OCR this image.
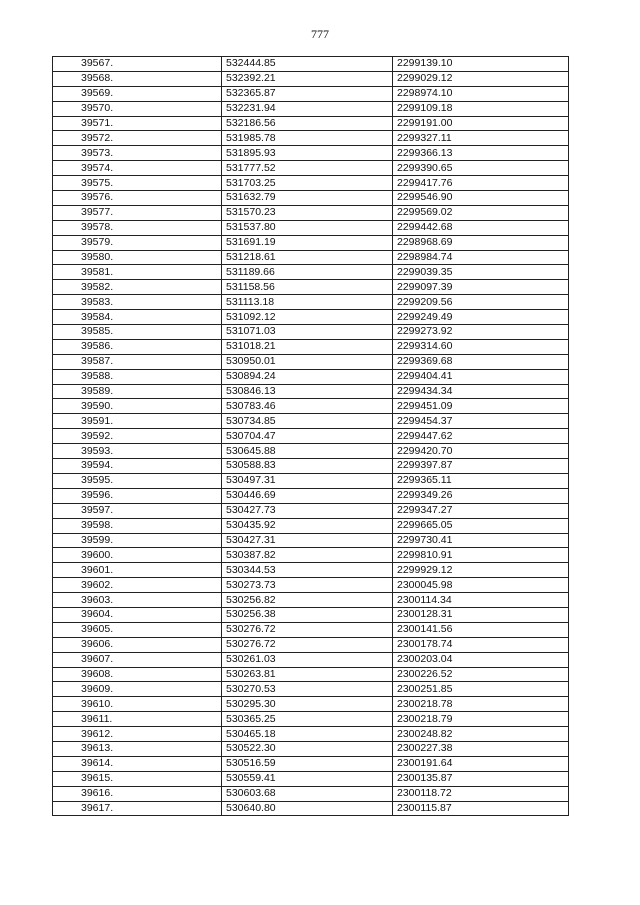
777
39567.	532444.85	2299139.10
39568.	532392.21	2299029.12
39569.	532365.87	2298974.10
39570.	532231.94	2299109.18
39571.	532186.56	2299191.00
39572.	531985.78	2299327.11
39573.	531895.93	2299366.13
39574.	531777.52	2299390.65
39575.	531703.25	2299417.76
39576.	531632.79	2299546.90
39577.	531570.23	2299569.02
39578.	531537.80	2299442.68
39579.	531691.19	2298968.69
39580.	531218.61	2298984.74
39581.	531189.66	2299039.35
39582.	531158.56	2299097.39
39583.	531113.18	2299209.56
39584.	531092.12	2299249.49
39585.	531071.03	2299273.92
39586.	531018.21	2299314.60
39587.	530950.01	2299369.68
39588.	530894.24	2299404.41
39589.	530846.13	2299434.34
39590.	530783.46	2299451.09
39591.	530734.85	2299454.37
39592.	530704.47	2299447.62
39593.	530645.88	2299420.70
39594.	530588.83	2299397.87
39595.	530497.31	2299365.11
39596.	530446.69	2299349.26
39597.	530427.73	2299347.27
39598.	530435.92	2299665.05
39599.	530427.31	2299730.41
39600.	530387.82	2299810.91
39601.	530344.53	2299929.12
39602.	530273.73	2300045.98
39603.	530256.82	2300114.34
39604.	530256.38	2300128.31
39605.	530276.72	2300141.56
39606.	530276.72	2300178.74
39607.	530261.03	2300203.04
39608.	530263.81	2300226.52
39609.	530270.53	2300251.85
39610.	530295.30	2300218.78
39611.	530365.25	2300218.79
39612.	530465.18	2300248.82
39613.	530522.30	2300227.38
39614.	530516.59	2300191.64
39615.	530559.41	2300135.87
39616.	530603.68	2300118.72
39617.	530640.80	2300115.87
